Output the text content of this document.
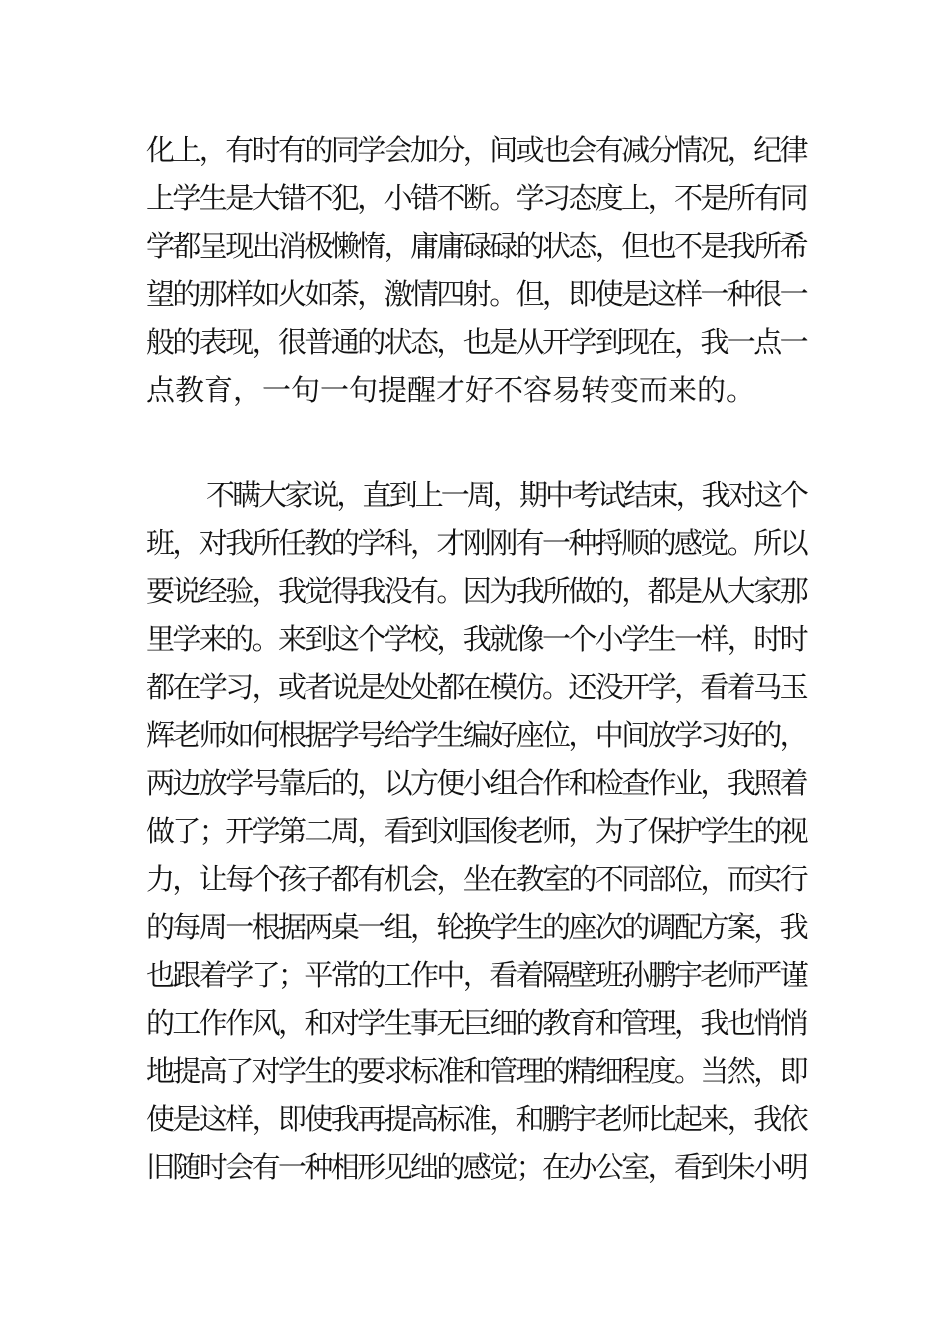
化上，有时有的同学会加分，间或也会有减分情况，纪律
上学生是大错不犯，小错不断。学习态度上，不是所有同
学都呈现出消极懒惰，庸庸碌碌的状态，但也不是我所希
望的那样如火如荼，激情四射。但，即使是这样一种很一
般的表现，很普通的状态，也是从开学到现在，我一点一
点教育，一句一句提醒才好不容易转变而来的。
不瞒大家说，直到上一周，期中考试结束，我对这个
班，对我所任教的学科，才刚刚有一种捋顺的感觉。所以
要说经验，我觉得我没有。因为我所做的，都是从大家那
里学来的。来到这个学校，我就像一个小学生一样，时时
都在学习，或者说是处处都在模仿。还没开学，看着马玉
辉老师如何根据学号给学生编好座位，中间放学习好的，
两边放学号靠后的，以方便小组合作和检查作业，我照着
做了；开学第二周，看到刘国俊老师，为了保护学生的视
力，让每个孩子都有机会，坐在教室的不同部位，而实行
的每周一根据两桌一组，轮换学生的座次的调配方案，我
也跟着学了；平常的工作中，看着隔壁班孙鹏宇老师严谨
的工作作风，和对学生事无巨细的教育和管理，我也悄悄
地提高了对学生的要求标准和管理的精细程度。当然，即
使是这样，即使我再提高标准，和鹏宇老师比起来，我依
旧随时会有一种相形见绌的感觉；在办公室，看到朱小明
